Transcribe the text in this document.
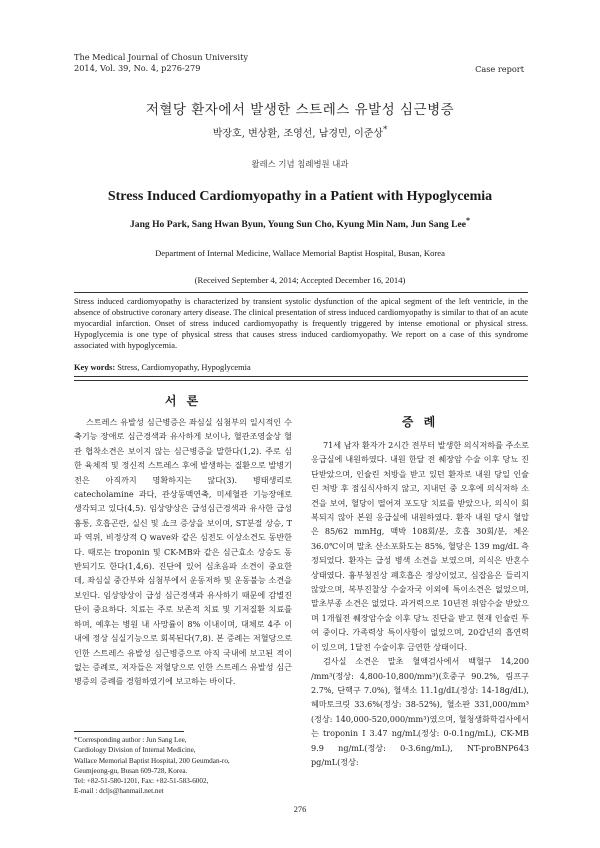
The Medical Journal of Chosun University
2014, Vol. 39, No. 4, p276-279	Case report
저혈당 환자에서 발생한 스트레스 유발성 심근병증
박장호, 변상환, 조영선, 남경민, 이준상*
왈레스 기념 침례병원 내과
Stress Induced Cardiomyopathy in a Patient with Hypoglycemia
Jang Ho Park, Sang Hwan Byun, Young Sun Cho, Kyung Min Nam, Jun Sang Lee*
Department of Internal Medicine, Wallace Memorial Baptist Hospital, Busan, Korea
(Received September 4, 2014; Accepted December 16, 2014)

Stress induced cardiomyopathy is characterized by transient systolic dysfunction of the apical segment of the left ventricle, in the absence of obstructive coronary artery disease. The clinical presentation of stress induced cardiomyopathy is similar to that of an acute myocardial infarction. Onset of stress induced cardiomyopathy is frequently triggered by intense emotional or physical stress. Hypoglycemia is one type of physical stress that causes stress induced cardiomyopathy. We report on a case of this syndrome associated with hypoglycemia.

Key words: Stress, Cardiomyopathy, Hypoglycemia
서 론

스트레스 유발성 심근병증은 좌심실 심첨부의 일시적인 수축기능 장애로 심근경색과 유사하게 보이나, 혈관조영술상 혈관 협착소견은 보이지 않는 심근병증을 말한다(1,2). 주로 심한 육체적 및 정신적 스트레스 후에 발생하는 질환으로 발병기전은 아직까지 명확하지는 않다(3). 병태생리로 catecholamine 과다, 관상동맥연축, 미세혈관 기능장애로 생각되고 있다(4,5). 임상양상은 급성심근경색과 유사한 급성흉통, 호흡곤란, 실신 및 쇼크 증상을 보이며, ST분절 상승, T파 역위, 비정상적 Q wave와 같은 심전도 이상소견도 동반한다. 때로는 troponin 및 CK-MB와 같은 심근효소 상승도 동반되기도 한다(1,4,6). 진단에 있어 심초음파 소견이 중요한데, 좌심실 중간부와 심첨부에서 운동저하 및 운동불능 소견을 보인다. 임상양상이 급성 심근경색과 유사하기 때문에 감별진단이 중요하다. 치료는 주로 보존적 치료 및 기저질환 치료를 하며, 예후는 병원 내 사망률이 8% 이내이며, 대체로 4주 이내에 정상 심실기능으로 회복된다(7,8). 본 증례는 저혈당으로 인한 스트레스 유발성 심근병증으로 아직 국내에 보고된 적이 없는 증례로, 저자들은 저혈당으로 인한 스트레스 유발성 심근병증의 증례를 경험하였기에 보고하는 바이다.

증 례

71세 남자 환자가 2시간 전부터 발생한 의식저하를 주소로 응급실에 내원하였다. 내원 한달 전 췌장암 수술 이후 당뇨 진단받았으며, 인슐린 처방을 받고 있던 환자로 내원 당일 인슐린 처방 후 점심식사하지 않고, 지내던 중 오후에 의식저하 소견을 보여, 혈당이 떨어져 포도당 치료를 받았으나, 의식이 회복되지 않아 본원 응급실에 내원하였다. 환자 내원 당시 혈압은 85/62 mmHg, 맥박 108회/분, 호흡 30회/분, 체온 36.0℃이며 말초 산소포화도는 85%, 혈당은 139 mg/dL 측정되었다. 환자는 급성 병색 소견을 보였으며, 의식은 반혼수 상태였다. 흉부청진상 폐호흡은 정상이었고, 심잡음은 들리지 않았으며, 복부진찰상 수술자국 이외에 특이소견은 없었으며, 말초부종 소견은 없었다. 과거력으로 10년전 위암수술 받았으며 1개월전 췌장암수술 이후 당뇨 진단을 받고 현재 인슐린 투여 중이다. 가족력상 특이사항이 없었으며, 20갑년의 흡연력이 있으며, 1달전 수술이후 금연한 상태이다.

검사실 소견은 말초 혈액검사에서 백혈구 14,200 /mm³(정상: 4,800-10,800/mm³)(호중구 90.2%, 림프구 2.7%, 단핵구 7.0%), 혈색소 11.1g/dL(정상: 14-18g/dL), 헤마토크릿 33.6%(정상: 38-52%), 혈소판 331,000/mm³ (정상: 140,000-520,000/mm³)였으며, 혈청생화학검사에서는 troponin I 3.47 ng/mL(정상: 0-0.1ng/mL), CK-MB 9.9 ng/mL(정상: 0-3.6ng/mL), NT-proBNP643 pg/mL(정상:

*Corresponding author : Jun Sang Lee,
Cardiology Division of Internal Medicine,
Wallace Memorial Baptist Hospital, 200 Geumdan-ro,
Geumjeong-gu, Busan 609-728, Korea.
Tel: +82-51-580-1201, Fax: +82-51-583-6002,
E-mail : dcljs@hanmail.net.net
276
